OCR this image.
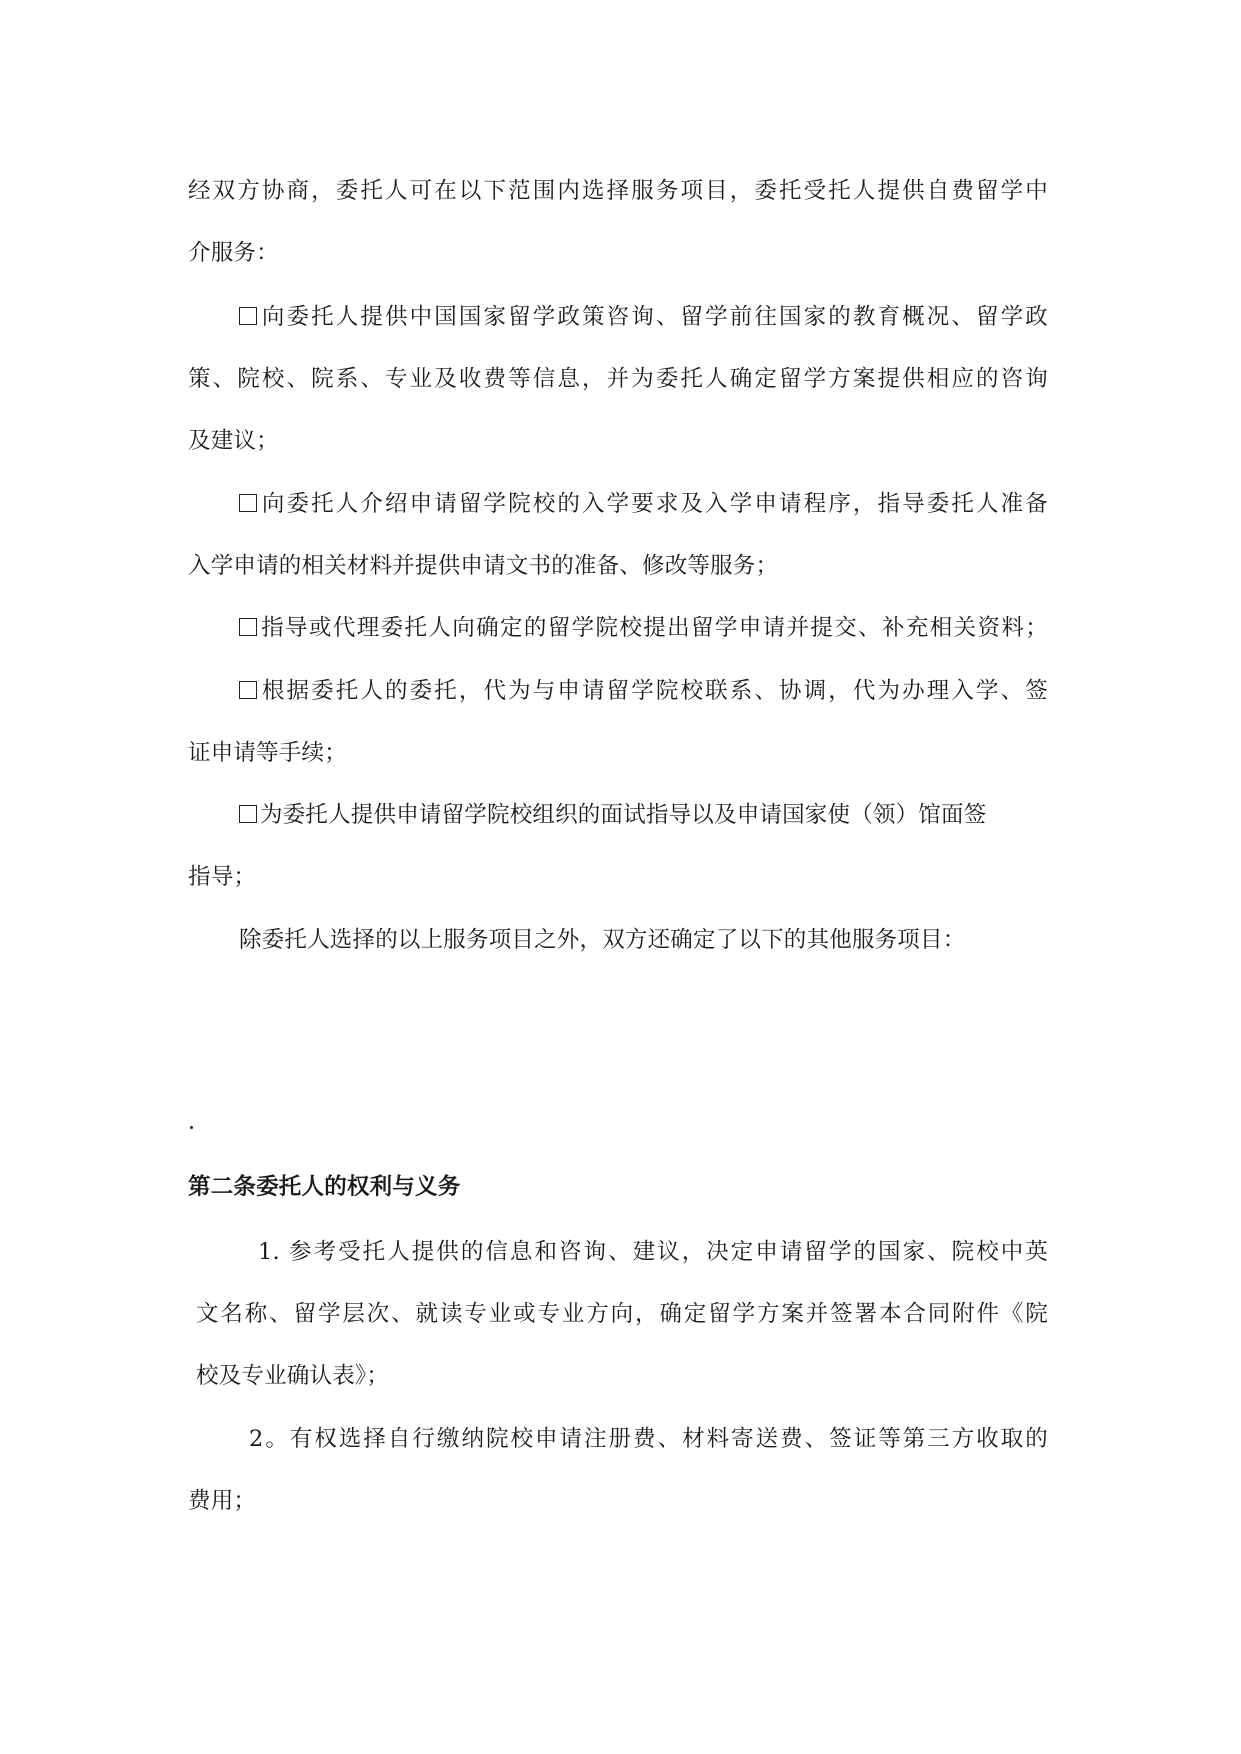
经双方协商，委托人可在以下范围内选择服务项目，委托受托人提供自费留学中
介服务：
向委托人提供中国国家留学政策咨询、留学前往国家的教育概况、留学政
策、院校、院系、专业及收费等信息，并为委托人确定留学方案提供相应的咨询
及建议；
向委托人介绍申请留学院校的入学要求及入学申请程序，指导委托人准备
入学申请的相关材料并提供申请文书的准备、修改等服务；
指导或代理委托人向确定的留学院校提出留学申请并提交、补充相关资料；
根据委托人的委托，代为与申请留学院校联系、协调，代为办理入学、签
证申请等手续；
为委托人提供申请留学院校组织的面试指导以及申请国家使（领）馆面签
指导；
除委托人选择的以上服务项目之外，双方还确定了以下的其他服务项目：
第二条委托人的权利与义务
1. 参考受托人提供的信息和咨询、建议，决定申请留学的国家、院校中英
文名称、留学层次、就读专业或专业方向，确定留学方案并签署本合同附件《院
校及专业确认表》；
2。有权选择自行缴纳院校申请注册费、材料寄送费、签证等第三方收取的
费用；
